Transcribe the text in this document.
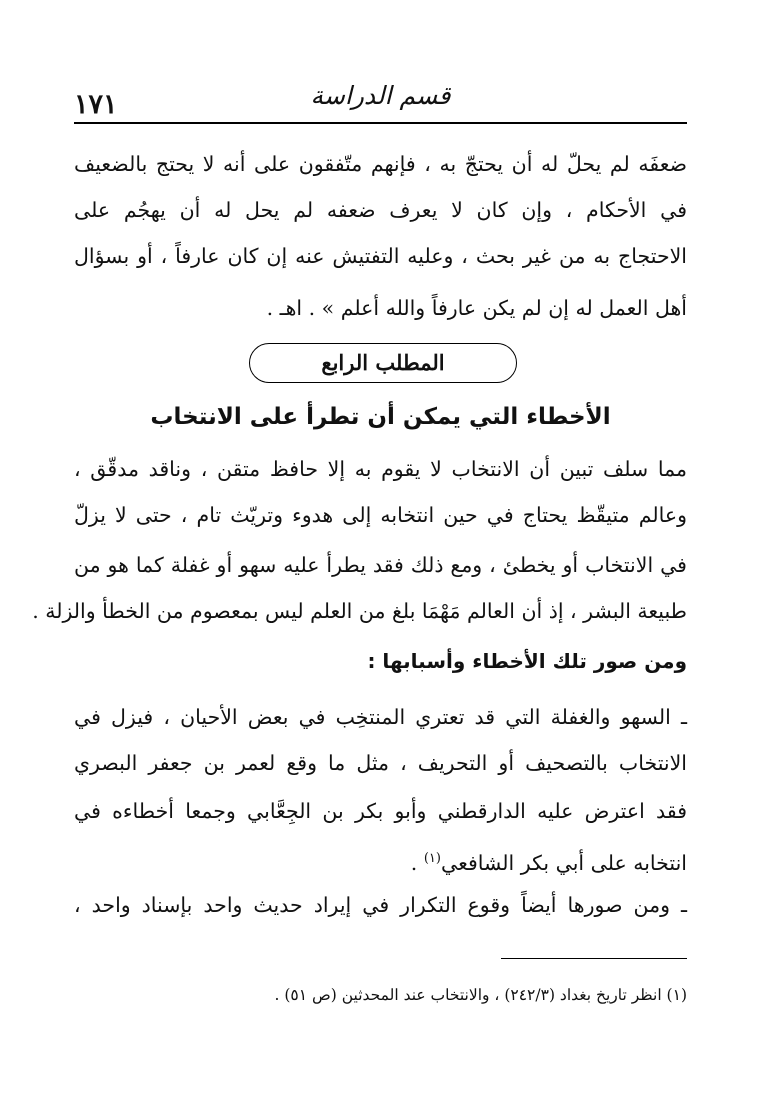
١٧١	قسم الدراسة
ضعفَه لم يحلّ له أن يحتجّ به ، فإنهم متّفقون على أنه لا يحتج بالضعيف
في الأحكام ، وإن كان لا يعرف ضعفه لم يحل له أن يهجُم على
الاحتجاج به من غير بحث ، وعليه التفتيش عنه إن كان عارفاً ، أو بسؤال
أهل العمل له إن لم يكن عارفاً والله أعلم » . اهـ .
المطلب الرابع
الأخطاء التي يمكن أن تطرأ على الانتخاب
مما سلف تبين أن الانتخاب لا يقوم به إلا حافظ متقن ، وناقد مدقّق ،
وعالم متيقّظ يحتاج في حين انتخابه إلى هدوء وتريّث تام ، حتى لا يزلّ
في الانتخاب أو يخطئ ، ومع ذلك فقد يطرأ عليه سهو أو غفلة كما هو من
طبيعة البشر ، إذ أن العالم مَهْمَا بلغ من العلم ليس بمعصوم من الخطأ والزلة .
ومن صور تلك الأخطاء وأسبابها :
ـ السهو والغفلة التي قد تعتري المنتخِب في بعض الأحيان ، فيزل في
الانتخاب بالتصحيف أو التحريف ، مثل ما وقع لعمر بن جعفر البصري
فقد اعترض عليه الدارقطني وأبو بكر بن الجِعَّابي وجمعا أخطاءه في
انتخابه على أبي بكر الشافعي$^{(١)}$ .
ـ ومن صورها أيضاً وقوع التكرار في إيراد حديث واحد بإسناد واحد ،
(١) انظر تاريخ بغداد (٢٤٢/٣) ، والانتخاب عند المحدثين (ص ٥١) .
